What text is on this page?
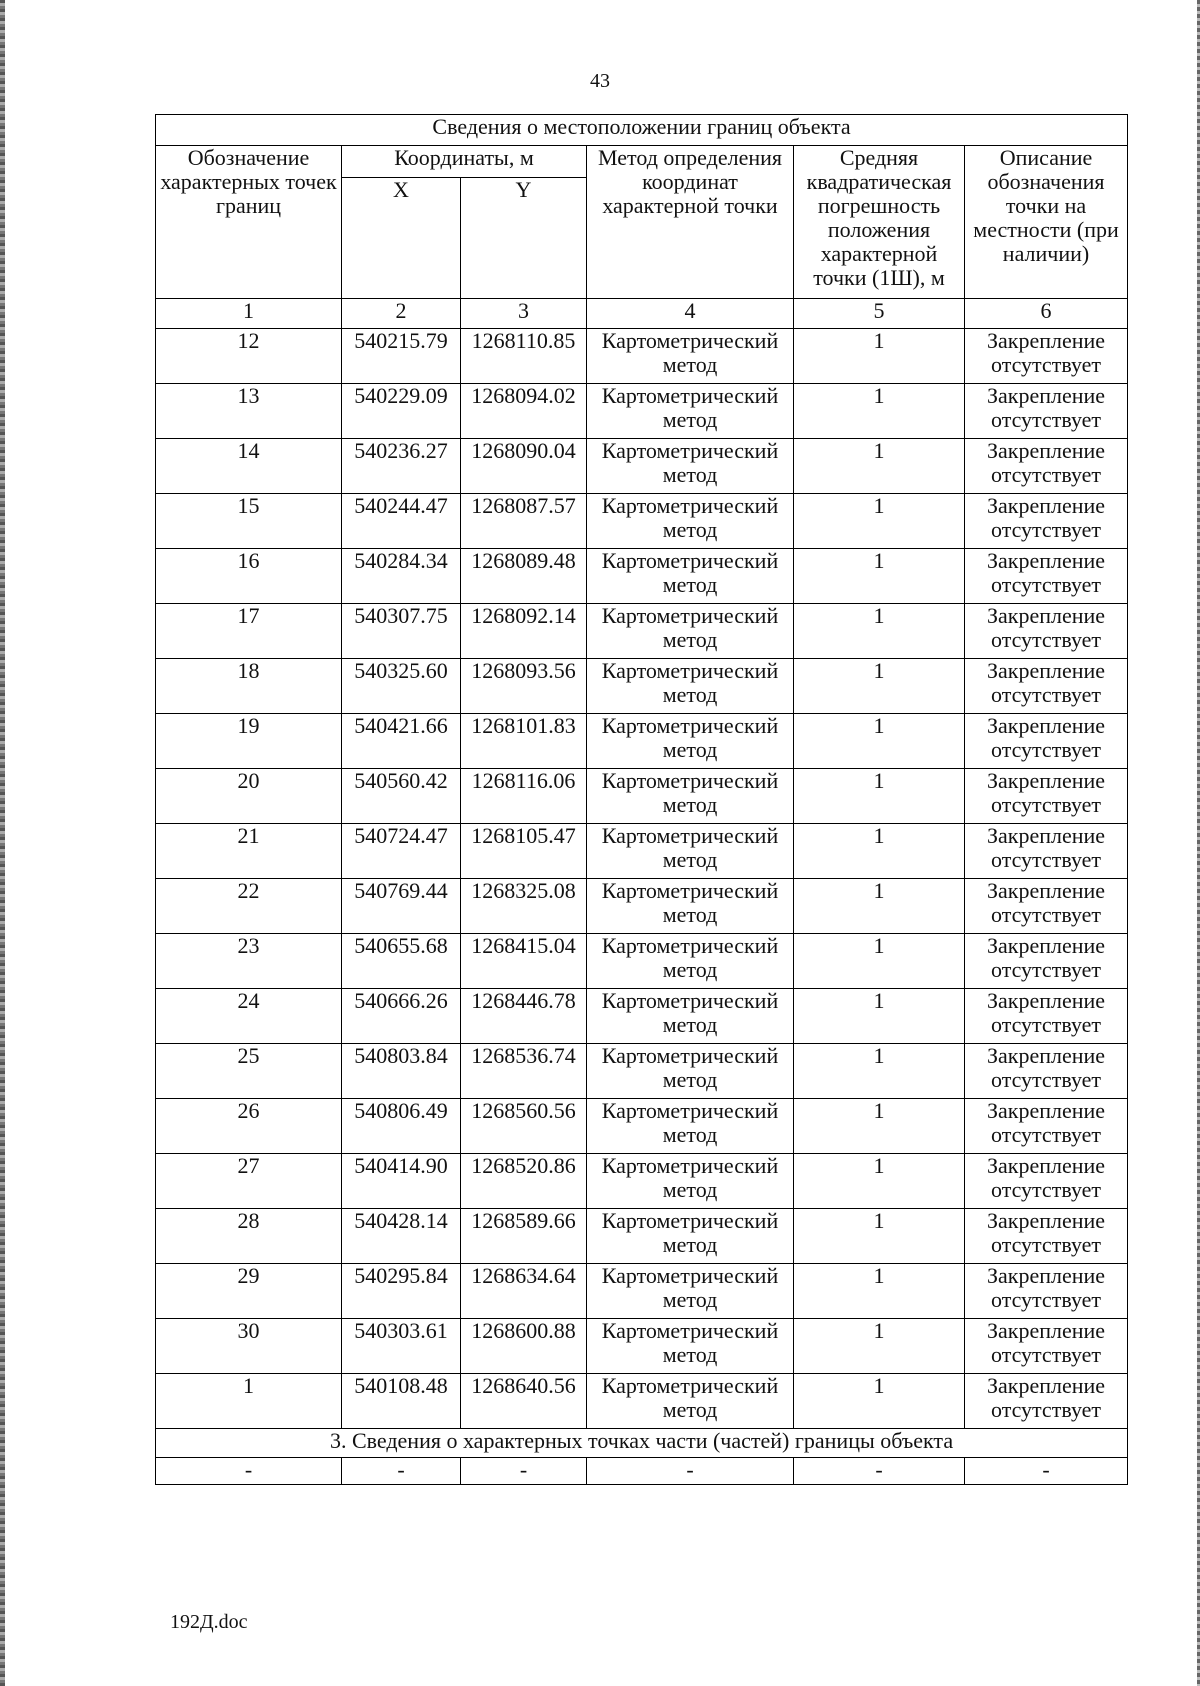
43
Сведения о местоположении границ объекта					
Обозначение характерных точек границ	Координаты, м		Метод определения координат характерной точки	Средняя квадратическая погрешность положения характерной точки (1Ш), м	Описание обозначения точки на местности (при наличии)
	X	Y			
1	2	3	4	5	6
12	540215.79	1268110.85	Картометрический метод	1	Закрепление отсутствует
13	540229.09	1268094.02	Картометрический метод	1	Закрепление отсутствует
14	540236.27	1268090.04	Картометрический метод	1	Закрепление отсутствует
15	540244.47	1268087.57	Картометрический метод	1	Закрепление отсутствует
16	540284.34	1268089.48	Картометрический метод	1	Закрепление отсутствует
17	540307.75	1268092.14	Картометрический метод	1	Закрепление отсутствует
18	540325.60	1268093.56	Картометрический метод	1	Закрепление отсутствует
19	540421.66	1268101.83	Картометрический метод	1	Закрепление отсутствует
20	540560.42	1268116.06	Картометрический метод	1	Закрепление отсутствует
21	540724.47	1268105.47	Картометрический метод	1	Закрепление отсутствует
22	540769.44	1268325.08	Картометрический метод	1	Закрепление отсутствует
23	540655.68	1268415.04	Картометрический метод	1	Закрепление отсутствует
24	540666.26	1268446.78	Картометрический метод	1	Закрепление отсутствует
25	540803.84	1268536.74	Картометрический метод	1	Закрепление отсутствует
26	540806.49	1268560.56	Картометрический метод	1	Закрепление отсутствует
27	540414.90	1268520.86	Картометрический метод	1	Закрепление отсутствует
28	540428.14	1268589.66	Картометрический метод	1	Закрепление отсутствует
29	540295.84	1268634.64	Картометрический метод	1	Закрепление отсутствует
30	540303.61	1268600.88	Картометрический метод	1	Закрепление отсутствует
1	540108.48	1268640.56	Картометрический метод	1	Закрепление отсутствует
3. Сведения о характерных точках части (частей) границы объекта					
-	-	-	-	-	-
192Д.doc
